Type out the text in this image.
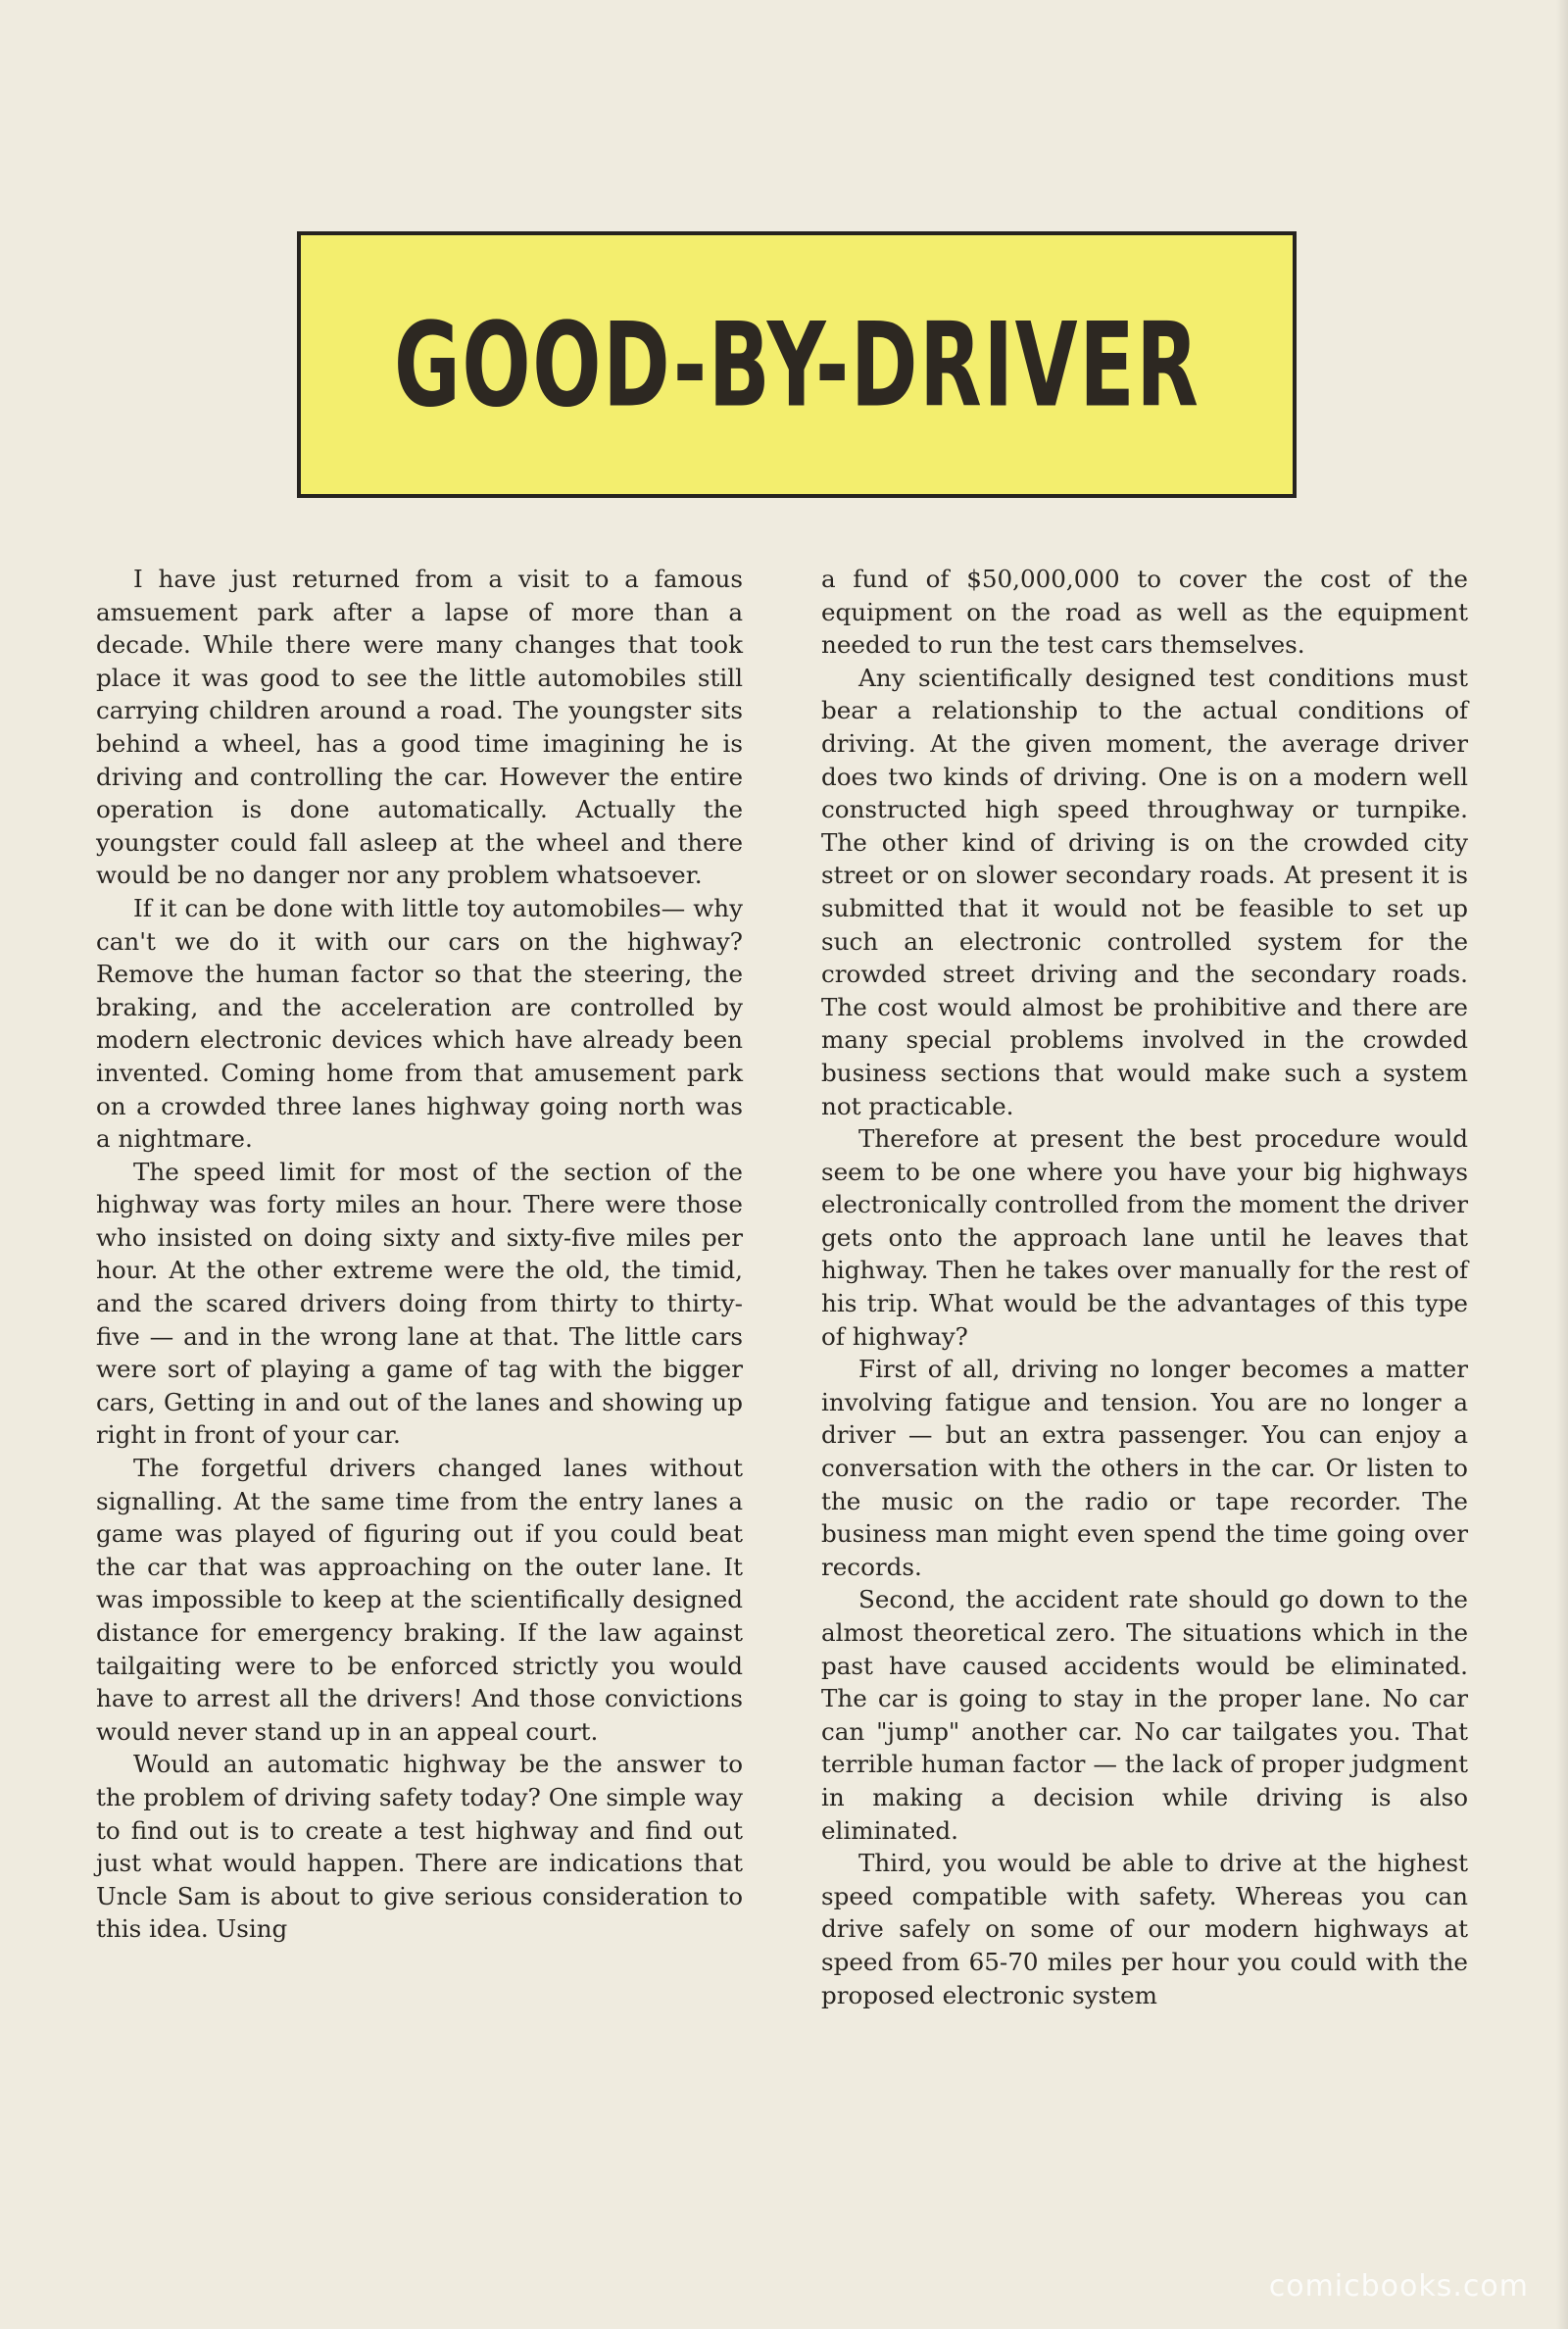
GOOD-BY-DRIVER

I have just returned from a visit to a famous amsuement park after a lapse of more than a decade. While there were many changes that took place it was good to see the little automobiles still carrying children around a road. The youngster sits behind a wheel, has a good time imagining he is driving and controlling the car. However the entire operation is done automatically. Actually the youngster could fall asleep at the wheel and there would be no danger nor any problem whatsoever.

If it can be done with little toy automobiles— why can't we do it with our cars on the highway? Remove the human factor so that the steering, the braking, and the acceleration are controlled by modern electronic devices which have already been invented. Coming home from that amusement park on a crowded three lanes highway going north was a nightmare.

The speed limit for most of the section of the highway was forty miles an hour. There were those who insisted on doing sixty and sixty-five miles per hour. At the other extreme were the old, the timid, and the scared drivers doing from thirty to thirty-five — and in the wrong lane at that. The little cars were sort of playing a game of tag with the bigger cars, Getting in and out of the lanes and showing up right in front of your car.

The forgetful drivers changed lanes without signalling. At the same time from the entry lanes a game was played of figuring out if you could beat the car that was approaching on the outer lane. It was impossible to keep at the scientifically designed distance for emergency braking. If the law against tailgaiting were to be enforced strictly you would have to arrest all the drivers! And those convictions would never stand up in an appeal court.

Would an automatic highway be the answer to the problem of driving safety today? One simple way to find out is to create a test highway and find out just what would happen. There are indications that Uncle Sam is about to give serious consideration to this idea. Using

a fund of $50,000,000 to cover the cost of the equipment on the road as well as the equipment needed to run the test cars themselves.

Any scientifically designed test conditions must bear a relationship to the actual conditions of driving. At the given moment, the average driver does two kinds of driving. One is on a modern well constructed high speed throughway or turnpike. The other kind of driving is on the crowded city street or on slower secondary roads. At present it is submitted that it would not be feasible to set up such an electronic controlled system for the crowded street driving and the secondary roads. The cost would almost be prohibitive and there are many special problems involved in the crowded business sections that would make such a system not practicable.

Therefore at present the best procedure would seem to be one where you have your big highways electronically controlled from the moment the driver gets onto the approach lane until he leaves that highway. Then he takes over manually for the rest of his trip. What would be the advantages of this type of highway?

First of all, driving no longer becomes a matter involving fatigue and tension. You are no longer a driver — but an extra passenger. You can enjoy a conversation with the others in the car. Or listen to the music on the radio or tape recorder. The business man might even spend the time going over records.

Second, the accident rate should go down to the almost theoretical zero. The situations which in the past have caused accidents would be eliminated. The car is going to stay in the proper lane. No car can "jump" another car. No car tailgates you. That terrible human factor — the lack of proper judgment in making a decision while driving is also eliminated.

Third, you would be able to drive at the highest speed compatible with safety. Whereas you can drive safely on some of our modern highways at speed from 65-70 miles per hour you could with the proposed electronic system

comicbooks.com
